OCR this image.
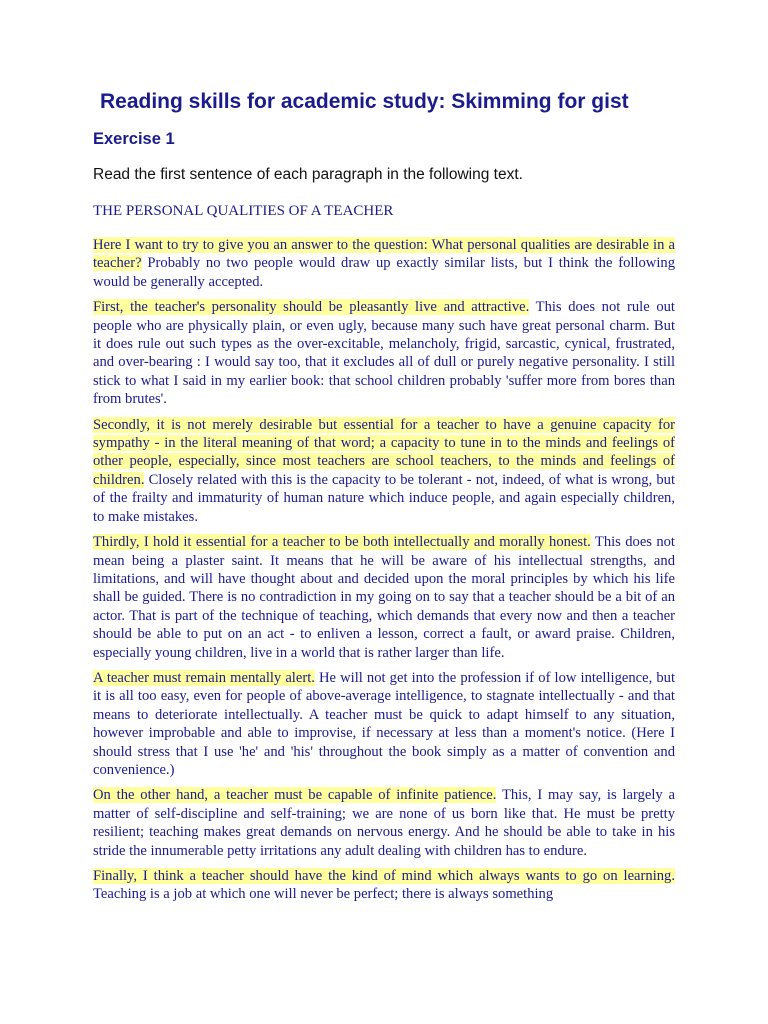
Reading skills for academic study: Skimming for gist
Exercise 1

Read the first sentence of each paragraph in the following text.

THE PERSONAL QUALITIES OF A TEACHER

Here I want to try to give you an answer to the question: What personal qualities are desirable in a teacher? Probably no two people would draw up exactly similar lists, but I think the following would be generally accepted.

First, the teacher's personality should be pleasantly live and attractive. This does not rule out people who are physically plain, or even ugly, because many such have great personal charm. But it does rule out such types as the over-excitable, melancholy, frigid, sarcastic, cynical, frustrated, and over-bearing : I would say too, that it excludes all of dull or purely negative personality. I still stick to what I said in my earlier book: that school children probably 'suffer more from bores than from brutes'.

Secondly, it is not merely desirable but essential for a teacher to have a genuine capacity for sympathy - in the literal meaning of that word; a capacity to tune in to the minds and feelings of other people, especially, since most teachers are school teachers, to the minds and feelings of children. Closely related with this is the capacity to be tolerant - not, indeed, of what is wrong, but of the frailty and immaturity of human nature which induce people, and again especially children, to make mistakes.

Thirdly, I hold it essential for a teacher to be both intellectually and morally honest. This does not mean being a plaster saint. It means that he will be aware of his intellectual strengths, and limitations, and will have thought about and decided upon the moral principles by which his life shall be guided. There is no contradiction in my going on to say that a teacher should be a bit of an actor. That is part of the technique of teaching, which demands that every now and then a teacher should be able to put on an act - to enliven a lesson, correct a fault, or award praise. Children, especially young children, live in a world that is rather larger than life.

A teacher must remain mentally alert. He will not get into the profession if of low intelligence, but it is all too easy, even for people of above-average intelligence, to stagnate intellectually - and that means to deteriorate intellectually. A teacher must be quick to adapt himself to any situation, however improbable and able to improvise, if necessary at less than a moment's notice. (Here I should stress that I use 'he' and 'his' throughout the book simply as a matter of convention and convenience.)

On the other hand, a teacher must be capable of infinite patience. This, I may say, is largely a matter of self-discipline and self-training; we are none of us born like that. He must be pretty resilient; teaching makes great demands on nervous energy. And he should be able to take in his stride the innumerable petty irritations any adult dealing with children has to endure.

Finally, I think a teacher should have the kind of mind which always wants to go on learning. Teaching is a job at which one will never be perfect; there is always something
